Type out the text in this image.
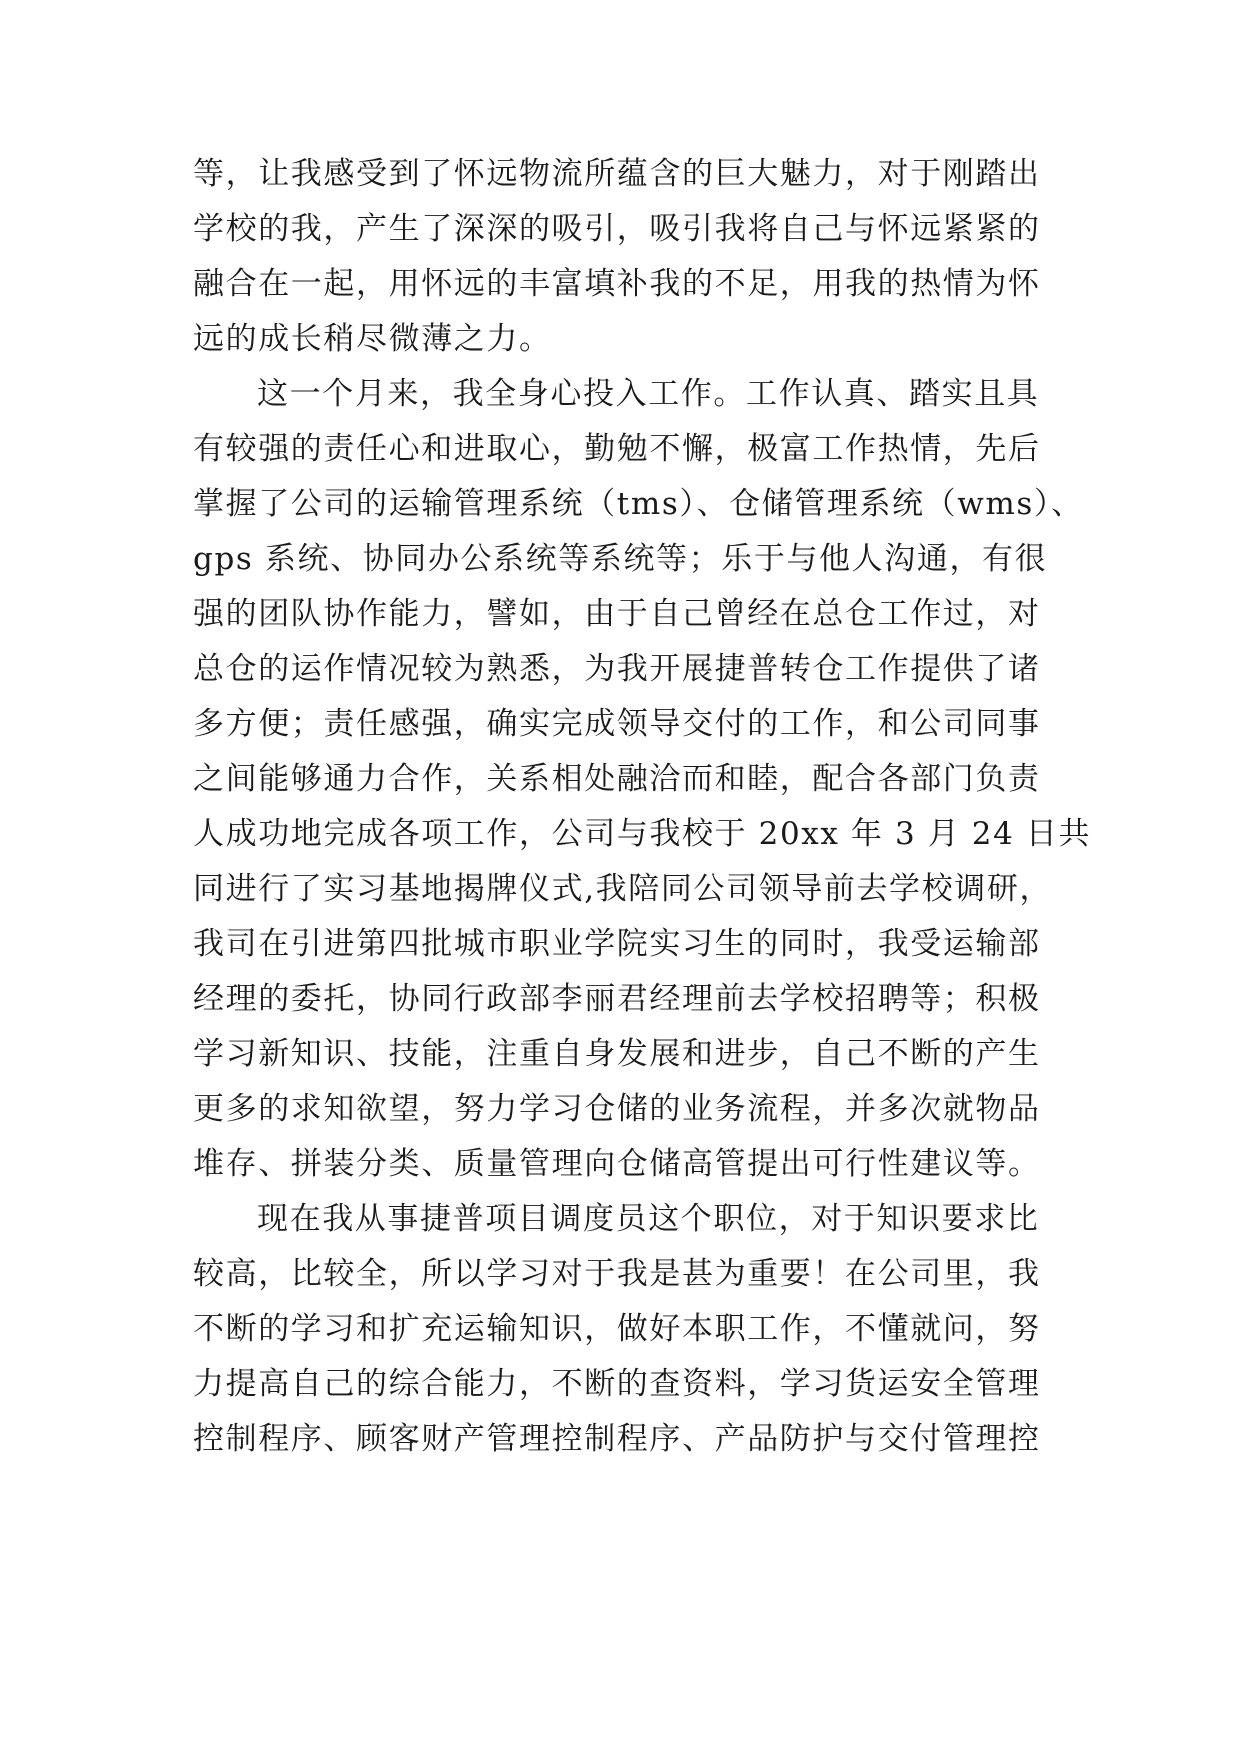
等，让我感受到了怀远物流所蕴含的巨大魅力，对于刚踏出
学校的我，产生了深深的吸引，吸引我将自己与怀远紧紧的
融合在一起，用怀远的丰富填补我的不足，用我的热情为怀
远的成长稍尽微薄之力。
这一个月来，我全身心投入工作。工作认真、踏实且具
有较强的责任心和进取心，勤勉不懈，极富工作热情，先后
掌握了公司的运输管理系统（tms）、仓储管理系统（wms）、
gps 系统、协同办公系统等系统等；乐于与他人沟通，有很
强的团队协作能力，譬如，由于自己曾经在总仓工作过，对
总仓的运作情况较为熟悉，为我开展捷普转仓工作提供了诸
多方便；责任感强，确实完成领导交付的工作，和公司同事
之间能够通力合作，关系相处融洽而和睦，配合各部门负责
人成功地完成各项工作，公司与我校于 20xx 年 3 月 24 日共
同进行了实习基地揭牌仪式,我陪同公司领导前去学校调研，
我司在引进第四批城市职业学院实习生的同时，我受运输部
经理的委托，协同行政部李丽君经理前去学校招聘等；积极
学习新知识、技能，注重自身发展和进步，自己不断的产生
更多的求知欲望，努力学习仓储的业务流程，并多次就物品
堆存、拼装分类、质量管理向仓储高管提出可行性建议等。
现在我从事捷普项目调度员这个职位，对于知识要求比
较高，比较全，所以学习对于我是甚为重要！在公司里，我
不断的学习和扩充运输知识，做好本职工作，不懂就问，努
力提高自己的综合能力，不断的查资料，学习货运安全管理
控制程序、顾客财产管理控制程序、产品防护与交付管理控
